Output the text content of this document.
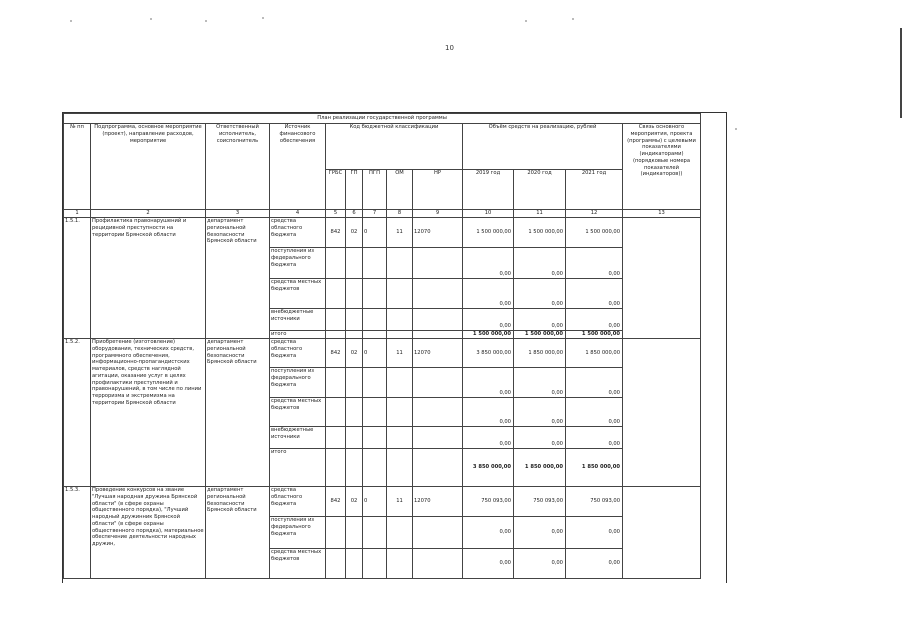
10
План реализации государственной программы												
№ пп	Подпрограмма, основное мероприятие (проект), направление расходов, мероприятие	Ответственный исполнитель, соисполнитель	Источник финансового обеспечения	Код бюджетной классификации					Объём средств на реализацию, рублей			Связь основного мероприятия, проекта (программы) с целевыми показателями (индикаторами) (порядковые номера показателей (индикаторов))
				ГРБС	ГП	ПГП	ОМ	НР	2019 год	2020 год	2021 год	
1	2	3	4	5	6	7	8	9	10	11	12	13
1.5.1.	Профилактика правонарушений и рецидивной преступности на территории Брянской области	департамент региональной безопасности Брянской области	средства областного бюджета	842	02	0	11	12070	1 500 000,00	1 500 000,00	1 500 000,00	
			поступления из федерального бюджета						0,00	0,00	0,00	
			средства местных бюджетов						0,00	0,00	0,00	
			внебюджетные источники						0,00	0,00	0,00	
			итого						1 500 000,00	1 500 000,00	1 500 000,00	
1.5.2.	Приобретение (изготовление) оборудования, технических средств, программного обеспечения, информационно-пропагандистских материалов, средств наглядной агитации, оказание услуг в целях профилактики преступлений и правонарушений, в том числе по линии терроризма и экстремизма на территории Брянской области	департамент региональной безопасности Брянской области	средства областного бюджета	842	02	0	11	12070	3 850 000,00	1 850 000,00	1 850 000,00	
			поступления из федерального бюджета						0,00	0,00	0,00	
			средства местных бюджетов						0,00	0,00	0,00	
			внебюджетные источники						0,00	0,00	0,00	
			итого						3 850 000,00	1 850 000,00	1 850 000,00	
1.5.3.	Проведение конкурсов на звание "Лучшая народная дружина Брянской области" (в сфере охраны общественного порядка), "Лучший народный дружинник Брянской области" (в сфере охраны общественного порядка), материальное обеспечение деятельности народных дружин,	департамент региональной безопасности Брянской области	средства областного бюджета	842	02	0	11	12070	750 093,00	750 093,00	750 093,00	
			поступления из федерального бюджета						0,00	0,00	0,00	
			средства местных бюджетов						0,00	0,00	0,00	
